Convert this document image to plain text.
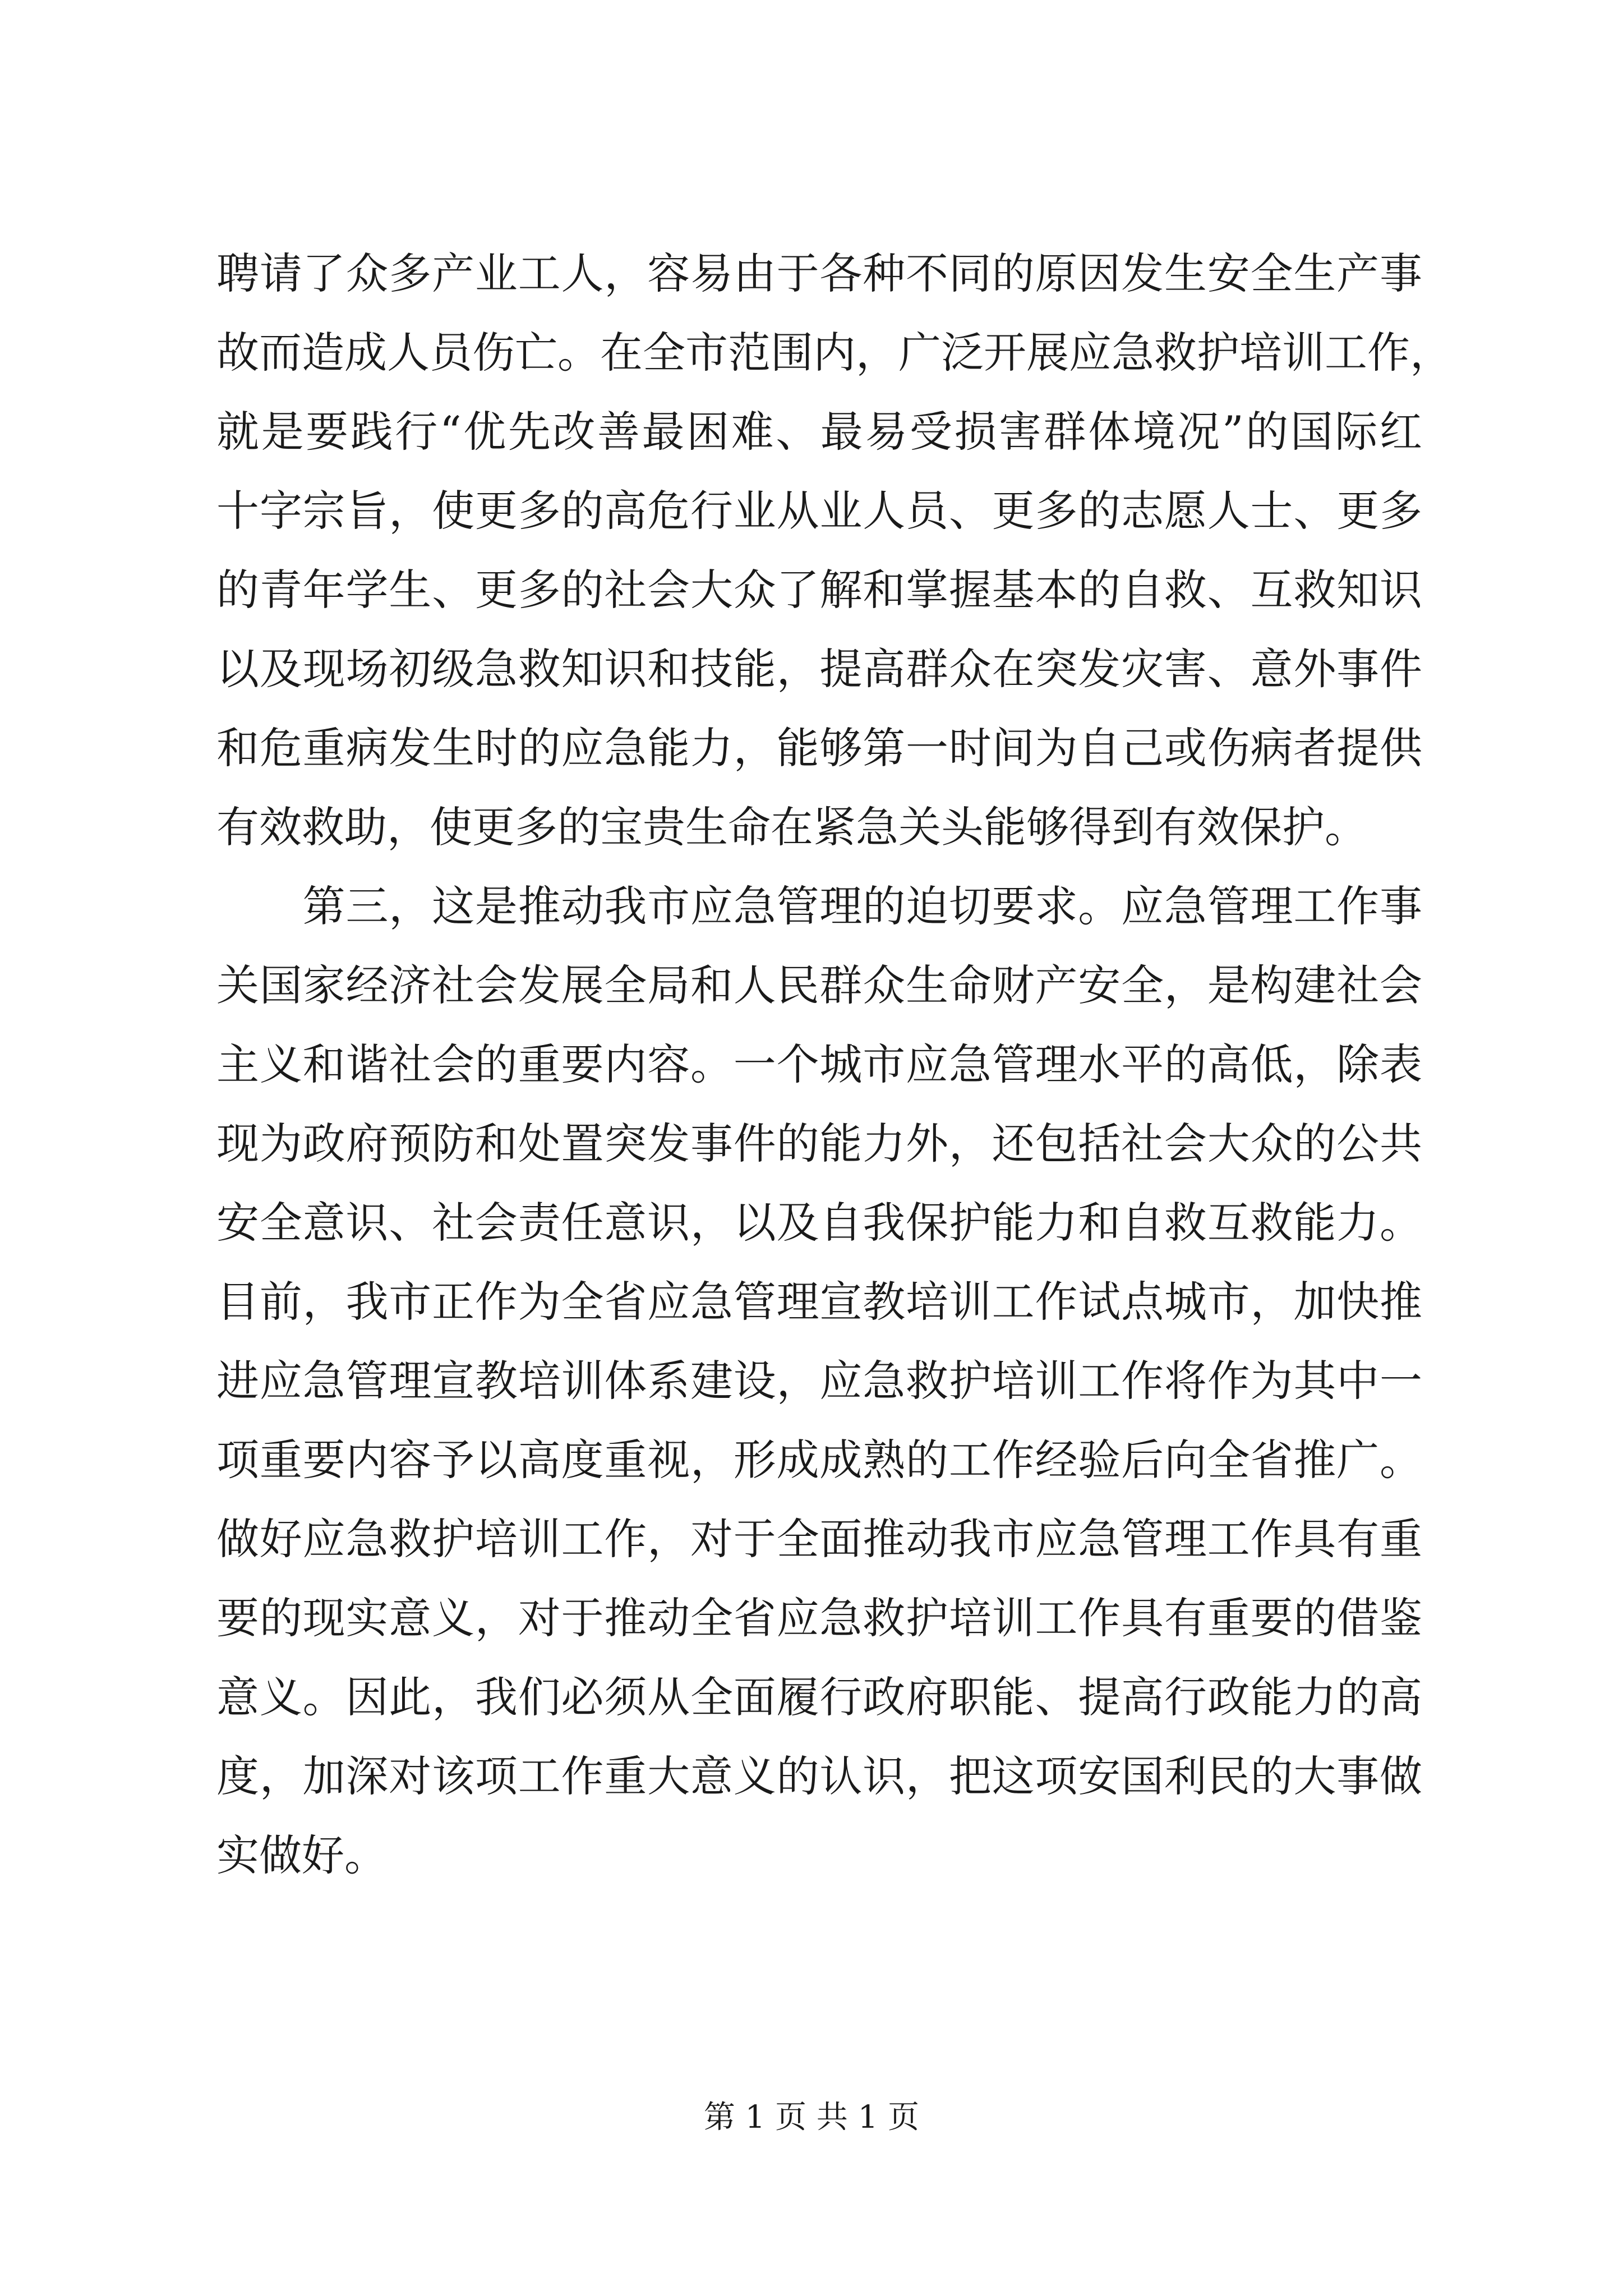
聘请了众多产业工人，容易由于各种不同的原因发生安全生产事
故而造成人员伤亡。在全市范围内，广泛开展应急救护培训工作，
就是要践行“优先改善最困难、最易受损害群体境况”的国际红
十字宗旨，使更多的高危行业从业人员、更多的志愿人士、更多
的青年学生、更多的社会大众了解和掌握基本的自救、互救知识
以及现场初级急救知识和技能，提高群众在突发灾害、意外事件
和危重病发生时的应急能力，能够第一时间为自己或伤病者提供
有效救助，使更多的宝贵生命在紧急关头能够得到有效保护。
　　第三，这是推动我市应急管理的迫切要求。应急管理工作事
关国家经济社会发展全局和人民群众生命财产安全，是构建社会
主义和谐社会的重要内容。一个城市应急管理水平的高低，除表
现为政府预防和处置突发事件的能力外，还包括社会大众的公共
安全意识、社会责任意识，以及自我保护能力和自救互救能力。
目前，我市正作为全省应急管理宣教培训工作试点城市，加快推
进应急管理宣教培训体系建设，应急救护培训工作将作为其中一
项重要内容予以高度重视，形成成熟的工作经验后向全省推广。
做好应急救护培训工作，对于全面推动我市应急管理工作具有重
要的现实意义，对于推动全省应急救护培训工作具有重要的借鉴
意义。因此，我们必须从全面履行政府职能、提高行政能力的高
度，加深对该项工作重大意义的认识，把这项安国利民的大事做
实做好。
第 1 页 共 1 页
